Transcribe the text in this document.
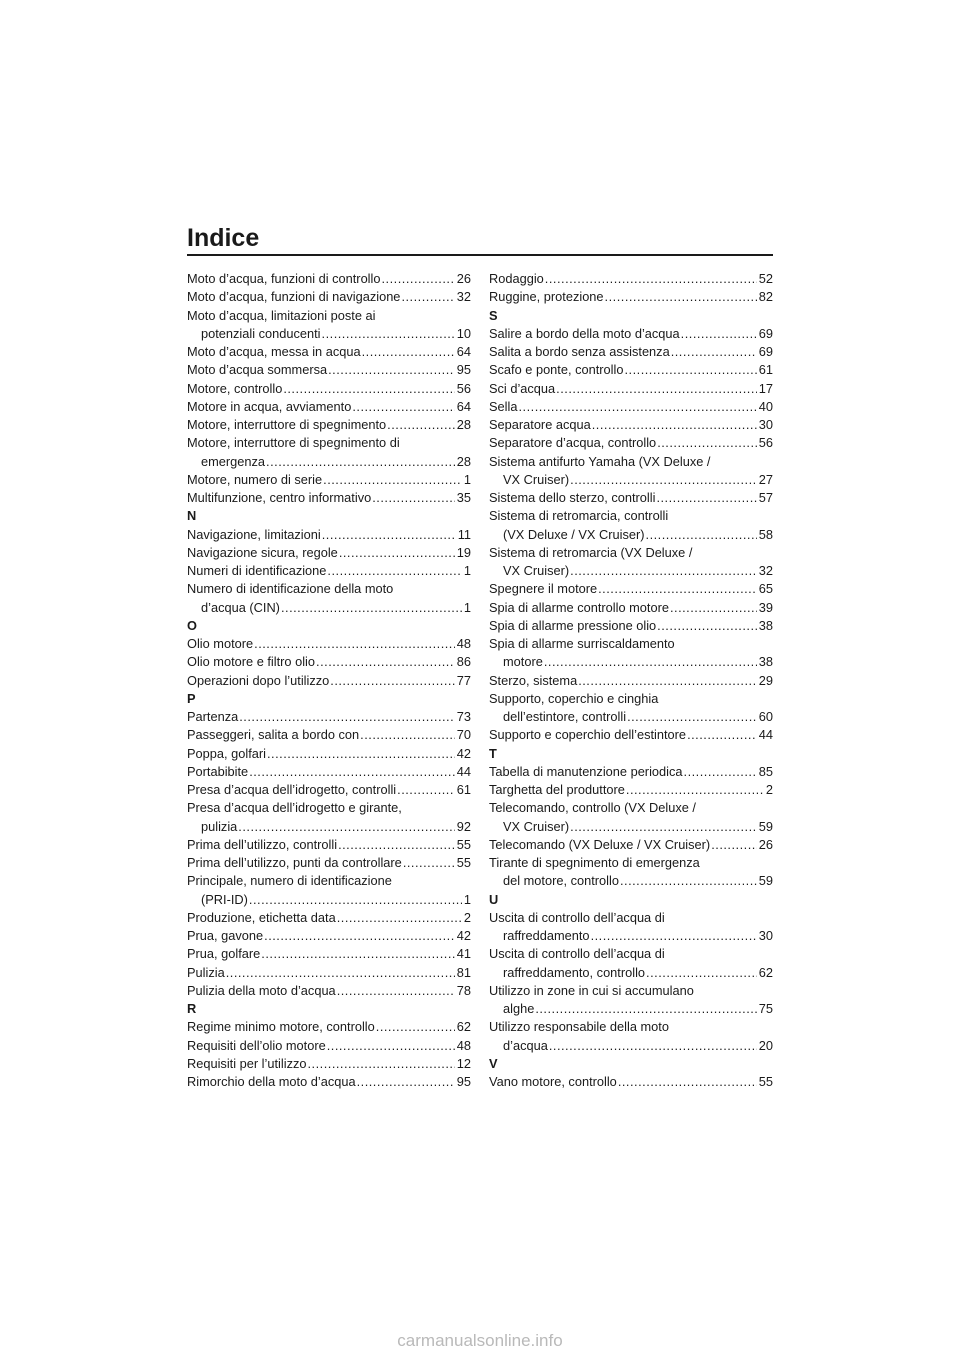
Indice
Moto d’acqua, funzioni di controllo .....	26
Moto d’acqua, funzioni di navigazione .....	32
Moto d’acqua, limitazioni poste ai
potenziali conducenti .....	10
Moto d’acqua, messa in acqua .....	64
Moto d’acqua sommersa .....	95
Motore, controllo .....	56
Motore in acqua, avviamento .....	64
Motore, interruttore di spegnimento .....	28
Motore, interruttore di spegnimento di
emergenza .....	28
Motore, numero di serie .....	1
Multifunzione, centro informativo .....	35
N
Navigazione, limitazioni .....	11
Navigazione sicura, regole .....	19
Numeri di identificazione .....	1
Numero di identificazione della moto
d’acqua (CIN) .....	1
O
Olio motore .....	48
Olio motore e filtro olio .....	86
Operazioni dopo l’utilizzo .....	77
P
Partenza .....	73
Passeggeri, salita a bordo con .....	70
Poppa, golfari .....	42
Portabibite .....	44
Presa d’acqua dell’idrogetto, controlli .....	61
Presa d’acqua dell’idrogetto e girante,
pulizia .....	92
Prima dell’utilizzo, controlli .....	55
Prima dell’utilizzo, punti da controllare .....	55
Principale, numero di identificazione
(PRI-ID) .....	1
Produzione, etichetta data .....	2
Prua, gavone .....	42
Prua, golfare .....	41
Pulizia .....	81
Pulizia della moto d’acqua .....	78
R
Regime minimo motore, controllo .....	62
Requisiti dell’olio motore .....	48
Requisiti per l’utilizzo .....	12
Rimorchio della moto d’acqua .....	95
Rodaggio .....	52
Ruggine, protezione .....	82
S
Salire a bordo della moto d’acqua .....	69
Salita a bordo senza assistenza .....	69
Scafo e ponte, controllo .....	61
Sci d’acqua .....	17
Sella .....	40
Separatore acqua .....	30
Separatore d’acqua, controllo .....	56
Sistema antifurto Yamaha (VX Deluxe /
VX Cruiser) .....	27
Sistema dello sterzo, controlli .....	57
Sistema di retromarcia, controlli
(VX Deluxe / VX Cruiser) .....	58
Sistema di retromarcia (VX Deluxe /
VX Cruiser) .....	32
Spegnere il motore .....	65
Spia di allarme controllo motore .....	39
Spia di allarme pressione olio .....	38
Spia di allarme surriscaldamento
motore .....	38
Sterzo, sistema .....	29
Supporto, coperchio e cinghia
dell’estintore, controlli .....	60
Supporto e coperchio dell’estintore .....	44
T
Tabella di manutenzione periodica .....	85
Targhetta del produttore .....	2
Telecomando, controllo (VX Deluxe /
VX Cruiser) .....	59
Telecomando (VX Deluxe / VX Cruiser) .....	26
Tirante di spegnimento di emergenza
del motore, controllo .....	59
U
Uscita di controllo dell’acqua di
raffreddamento .....	30
Uscita di controllo dell’acqua di
raffreddamento, controllo .....	62
Utilizzo in zone in cui si accumulano
alghe .....	75
Utilizzo responsabile della moto
d’acqua .....	20
V
Vano motore, controllo .....	55
carmanualsonline.info
